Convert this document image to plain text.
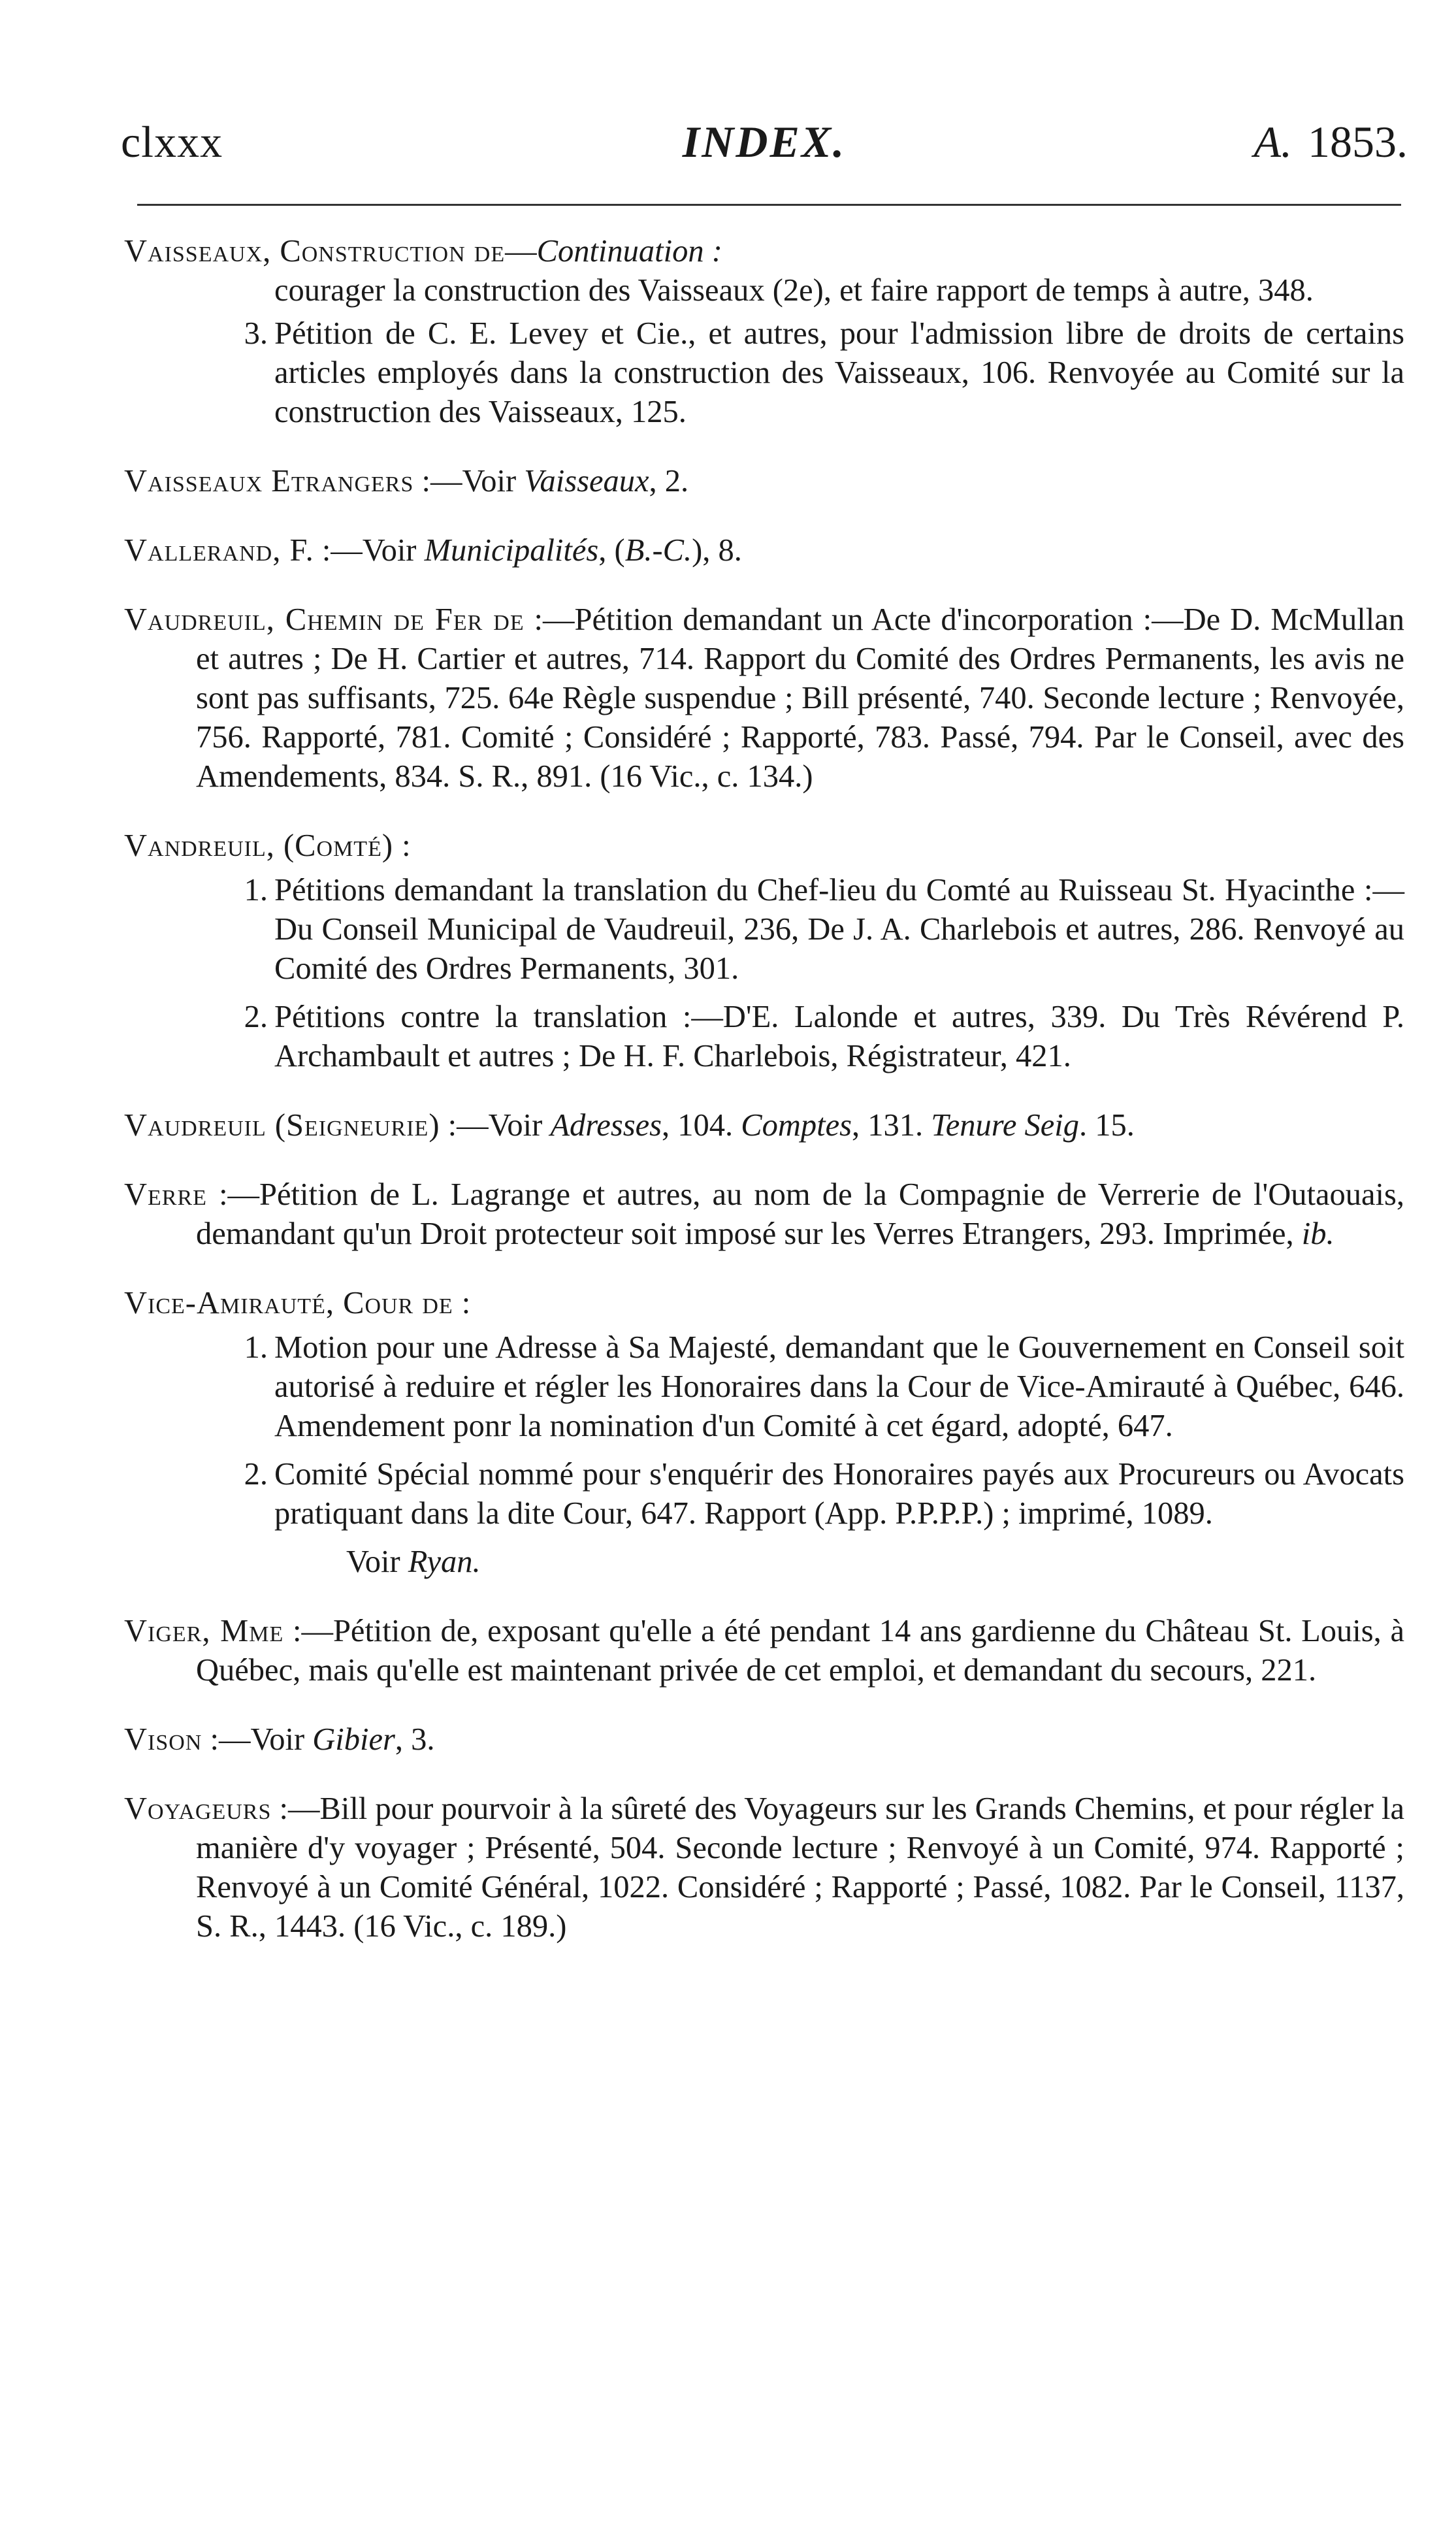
clxxx	INDEX.	A. 1853.
Vaisseaux, Construction de—Continuation :
courager la construction des Vaisseaux (2e), et faire rapport de temps à autre, 348.
3. Pétition de C. E. Levey et Cie., et autres, pour l'admission libre de droits de certains articles employés dans la construction des Vaisseaux, 106. Renvoyée au Comité sur la construction des Vaisseaux, 125.
Vaisseaux Etrangers :—Voir Vaisseaux, 2.
Vallerand, F. :—Voir Municipalités, (B.-C.), 8.
Vaudreuil, Chemin de Fer de :—Pétition demandant un Acte d'incorporation :—De D. McMullan et autres ; De H. Cartier et autres, 714. Rapport du Comité des Ordres Permanents, les avis ne sont pas suffisants, 725. 64e Règle suspendue ; Bill présenté, 740. Seconde lecture ; Renvoyée, 756. Rapporté, 781. Comité ; Considéré ; Rapporté, 783. Passé, 794. Par le Conseil, avec des Amendements, 834. S. R., 891. (16 Vic., c. 134.)
Vandreuil, (Comté) :
1. Pétitions demandant la translation du Chef-lieu du Comté au Ruisseau St. Hyacinthe :—Du Conseil Municipal de Vaudreuil, 236, De J. A. Charlebois et autres, 286. Renvoyé au Comité des Ordres Permanents, 301.
2. Pétitions contre la translation :—D'E. Lalonde et autres, 339. Du Très Révérend P. Archambault et autres ; De H. F. Charlebois, Régistrateur, 421.
Vaudreuil (Seigneurie) :—Voir Adresses, 104. Comptes, 131. Tenure Seig. 15.
Verre :—Pétition de L. Lagrange et autres, au nom de la Compagnie de Verrerie de l'Outaouais, demandant qu'un Droit protecteur soit imposé sur les Verres Etrangers, 293. Imprimée, ib.
Vice-Amirauté, Cour de :
1. Motion pour une Adresse à Sa Majesté, demandant que le Gouvernement en Conseil soit autorisé à reduire et régler les Honoraires dans la Cour de Vice-Amirauté à Québec, 646. Amendement ponr la nomination d'un Comité à cet égard, adopté, 647.
2. Comité Spécial nommé pour s'enquérir des Honoraires payés aux Procureurs ou Avocats pratiquant dans la dite Cour, 647. Rapport (App. P.P.P.P.) ; imprimé, 1089.
Voir Ryan.
Viger, Mme :—Pétition de, exposant qu'elle a été pendant 14 ans gardienne du Château St. Louis, à Québec, mais qu'elle est maintenant privée de cet emploi, et demandant du secours, 221.
Vison :—Voir Gibier, 3.
Voyageurs :—Bill pour pourvoir à la sûreté des Voyageurs sur les Grands Chemins, et pour régler la manière d'y voyager ; Présenté, 504. Seconde lecture ; Renvoyé à un Comité, 974. Rapporté ; Renvoyé à un Comité Général, 1022. Considéré ; Rapporté ; Passé, 1082. Par le Conseil, 1137, S. R., 1443. (16 Vic., c. 189.)
